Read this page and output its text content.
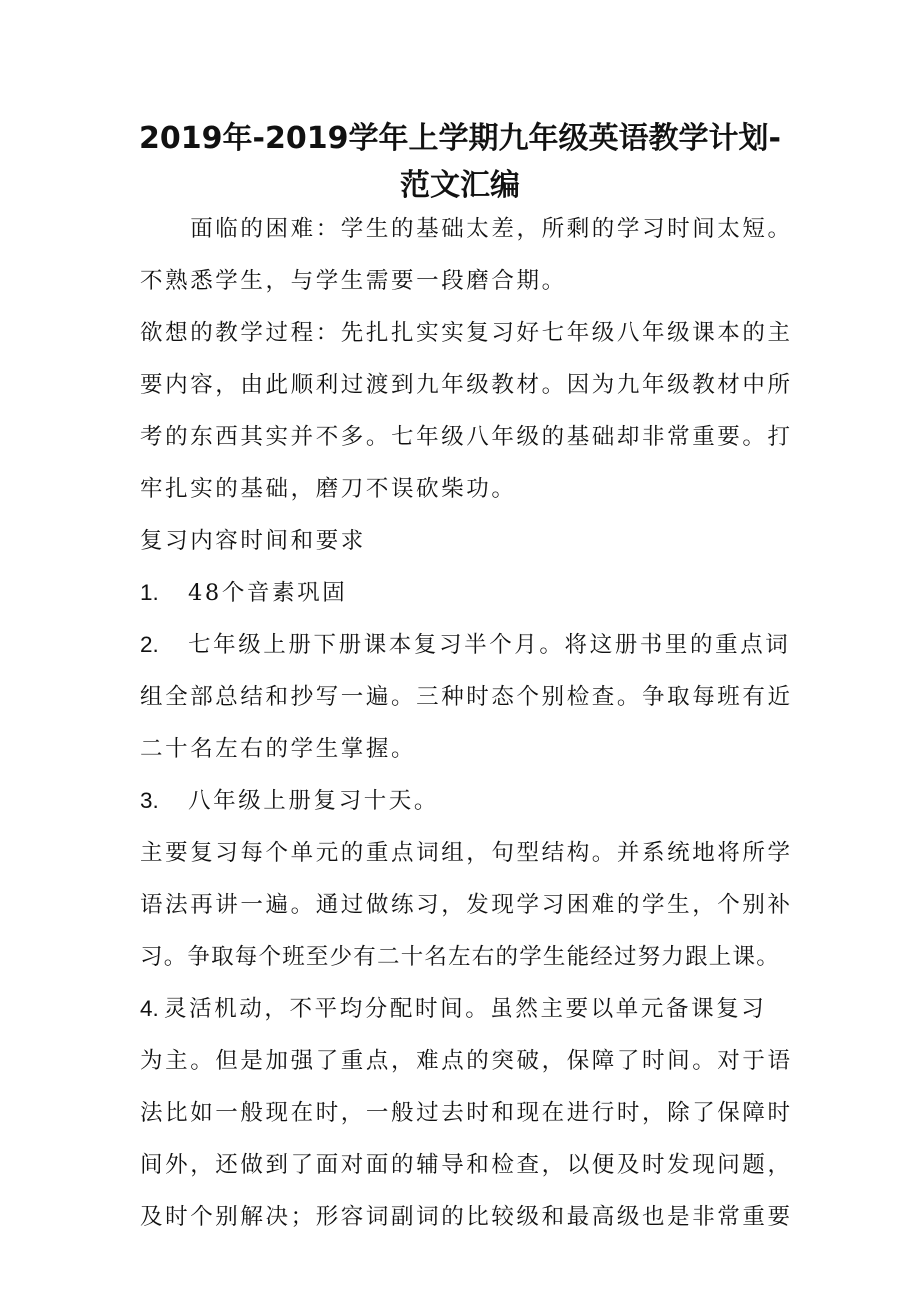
2019年-2019学年上学期九年级英语教学计划-
范文汇编
　　面临的困难：学生的基础太差，所剩的学习时间太短。
不熟悉学生，与学生需要一段磨合期。
欲想的教学过程：先扎扎实实复习好七年级八年级课本的主
要内容，由此顺利过渡到九年级教材。因为九年级教材中所
考的东西其实并不多。七年级八年级的基础却非常重要。打
牢扎实的基础，磨刀不误砍柴功。
复习内容时间和要求
1. 48个音素巩固
2. 七年级上册下册课本复习半个月。将这册书里的重点词
组全部总结和抄写一遍。三种时态个别检查。争取每班有近
二十名左右的学生掌握。
3. 八年级上册复习十天。
主要复习每个单元的重点词组，句型结构。并系统地将所学
语法再讲一遍。通过做练习，发现学习困难的学生，个别补
习。争取每个班至少有二十名左右的学生能经过努力跟上课。
4. 灵活机动，不平均分配时间。虽然主要以单元备课复习
为主。但是加强了重点，难点的突破，保障了时间。对于语
法比如一般现在时，一般过去时和现在进行时，除了保障时
间外，还做到了面对面的辅导和检查，以便及时发现问题，
及时个别解决；形容词副词的比较级和最高级也是非常重要
